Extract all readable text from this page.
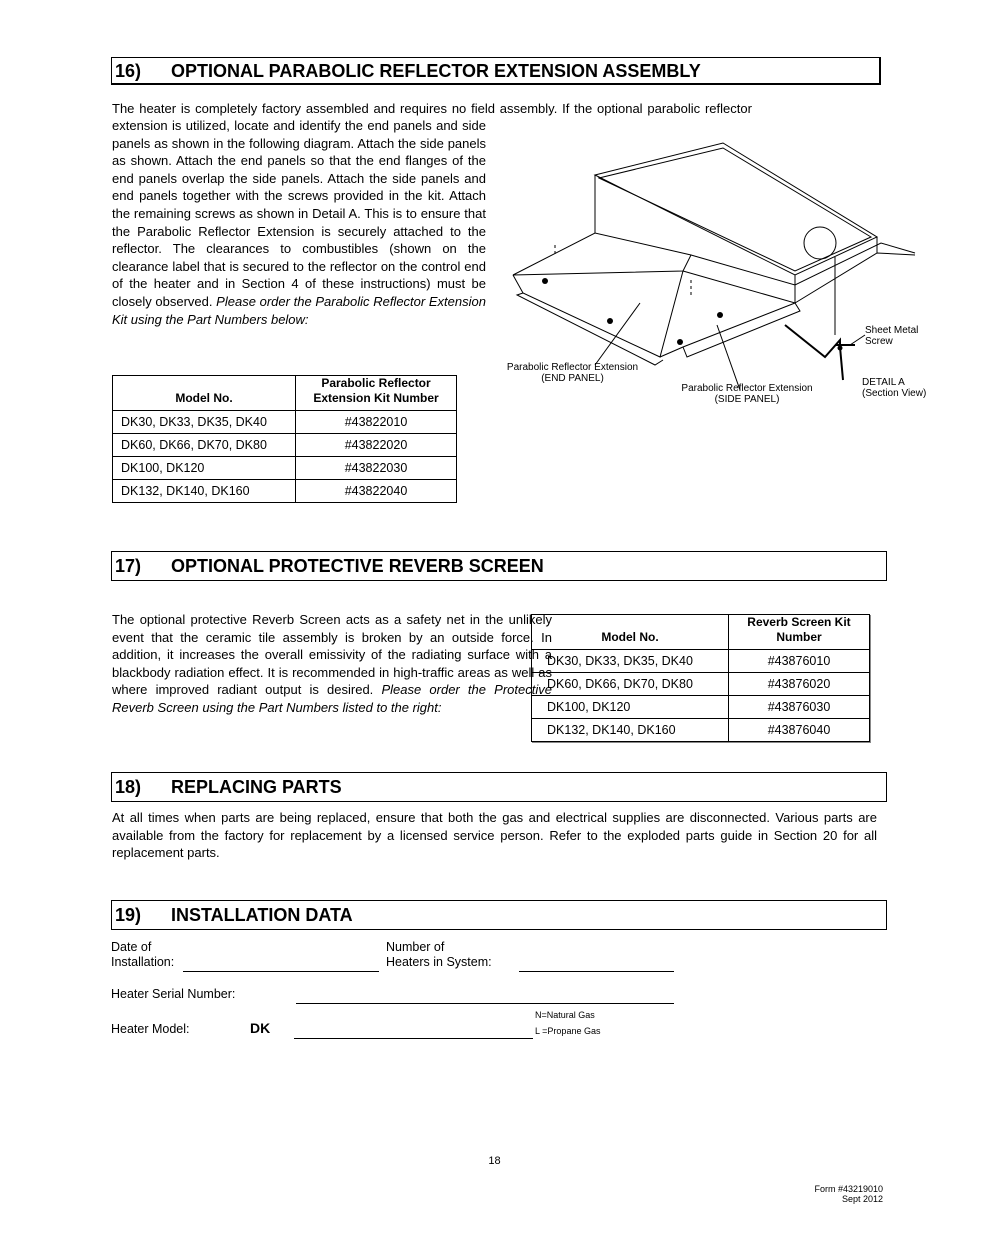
16) OPTIONAL PARABOLIC REFLECTOR EXTENSION ASSEMBLY
The heater is completely factory assembled and requires no field assembly. If the optional parabolic reflector
extension is utilized, locate and identify the end panels and side panels as shown in the following diagram. Attach the side panels as shown. Attach the end panels so that the end flanges of the end panels overlap the side panels. Attach the side panels and end panels together with the screws provided in the kit. Attach the remaining screws as shown in Detail A. This is to ensure that the Parabolic Reflector Extension is securely attached to the reflector. The clearances to combustibles (shown on the clearance label that is secured to the reflector on the control end of the heater and in Section 4 of these instructions) must be closely observed. Please order the Parabolic Reflector Extension Kit using the Part Numbers below:
Model No.	Parabolic Reflector Extension Kit Number
DK30, DK33, DK35, DK40	#43822010
DK60, DK66, DK70, DK80	#43822020
DK100, DK120	#43822030
DK132, DK140, DK160	#43822040
Parabolic Reflector Extension (END PANEL)
Parabolic Reflector Extension (SIDE PANEL)
Sheet Metal Screw
DETAIL A (Section View)
17) OPTIONAL PROTECTIVE REVERB SCREEN
The optional protective Reverb Screen acts as a safety net in the unlikely event that the ceramic tile assembly is broken by an outside force. In addition, it increases the overall emissivity of the radiating surface with a blackbody radiation effect. It is recommended in high-traffic areas as well as where improved radiant output is desired. Please order the Protective Reverb Screen using the Part Numbers listed to the right:
Model No.	Reverb Screen Kit Number
DK30, DK33, DK35, DK40	#43876010
DK60, DK66, DK70, DK80	#43876020
DK100, DK120	#43876030
DK132, DK140, DK160	#43876040
18) REPLACING PARTS
At all times when parts are being replaced, ensure that both the gas and electrical supplies are disconnected. Various parts are available from the factory for replacement by a licensed service person. Refer to the exploded parts guide in Section 20 for all replacement parts.
19) INSTALLATION DATA
Date of
Installation:
Number of
Heaters in System:
Heater Serial Number:
Heater Model:	DK
N=Natural Gas
L =Propane Gas
18
Form #43219010
Sept 2012
